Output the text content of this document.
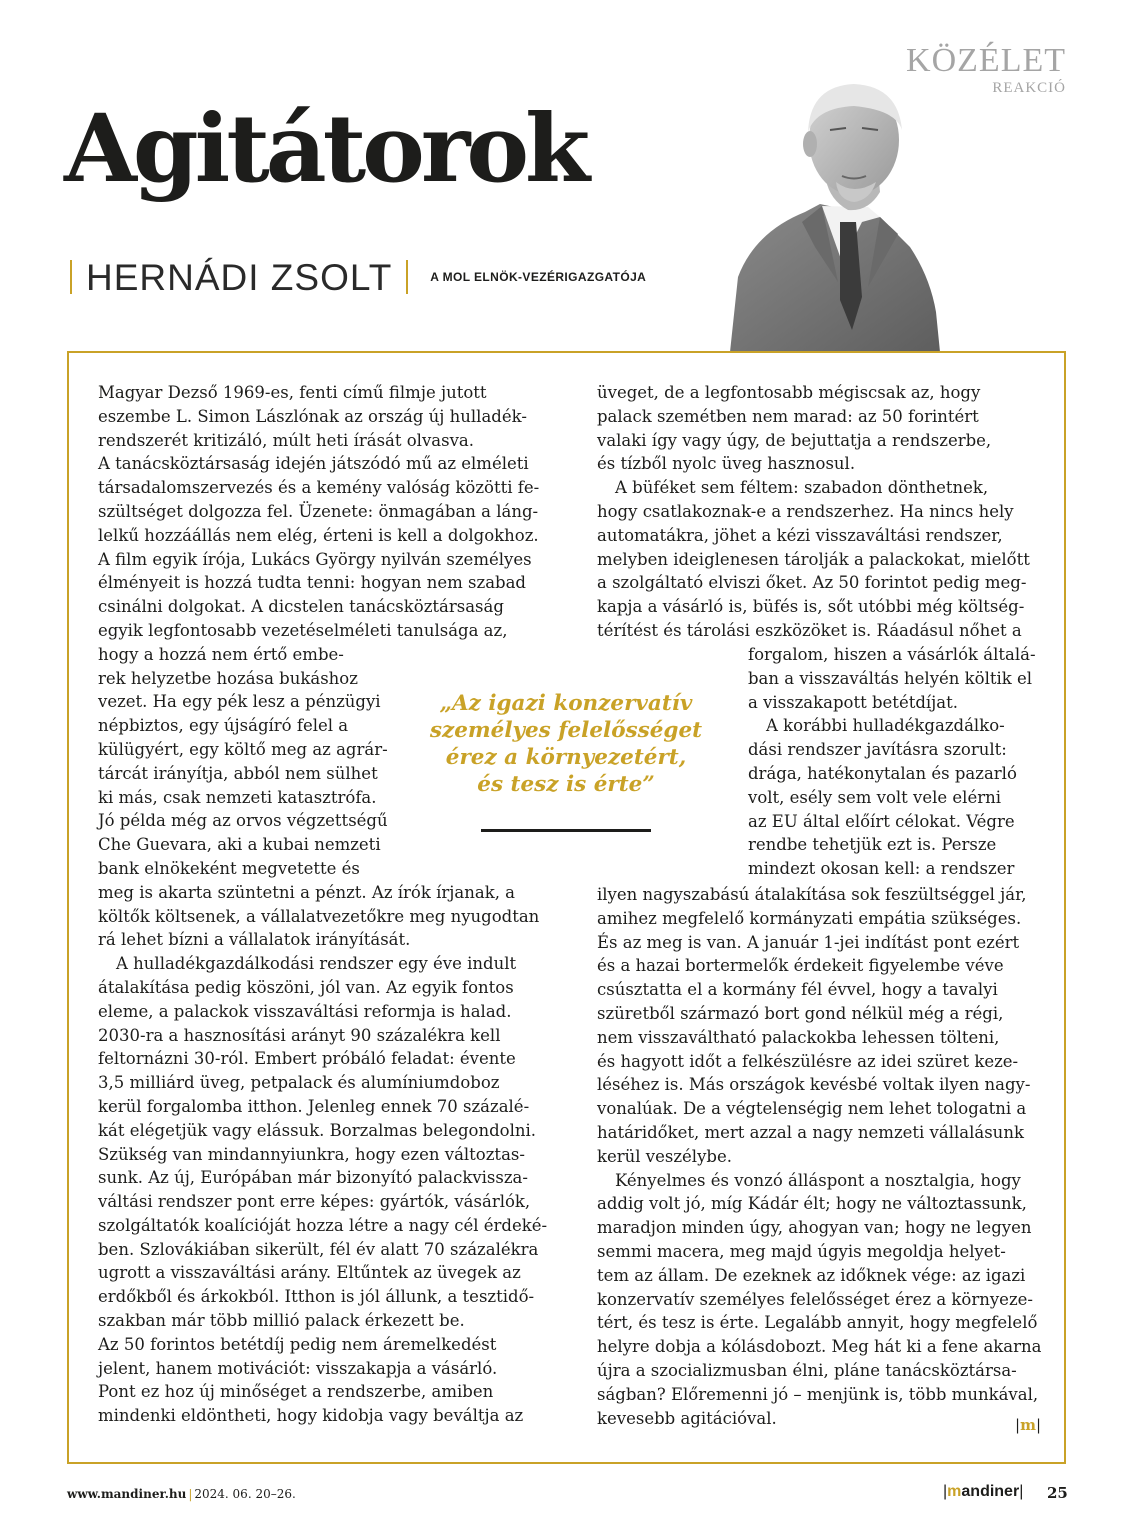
KÖZÉLET
REAKCIÓ
Agitátorok
HERNÁDI ZSOLT	A MOL ELNÖK-VEZÉRIGAZGATÓJA

Magyar Dezső 1969-es, fenti című filmje jutott

eszembe L. Simon Lászlónak az ország új hulladék-

rendszerét kritizáló, múlt heti írását olvasva.

A tanácsköztársaság idején játszódó mű az elméleti

társadalomszervezés és a kemény valóság közötti fe-

szültséget dolgozza fel. Üzenete: önmagában a láng-

lelkű hozzáállás nem elég, érteni is kell a dolgokhoz.

A film egyik írója, Lukács György nyilván személyes

élményeit is hozzá tudta tenni: hogyan nem szabad

csinálni dolgokat. A dicstelen tanácsköztársaság

egyik legfontosabb vezetéselméleti tanulsága az,

hogy a hozzá nem értő embe-

rek helyzetbe hozása bukáshoz

vezet. Ha egy pék lesz a pénzügyi

népbiztos, egy újságíró felel a

külügyért, egy költő meg az agrár-

tárcát irányítja, abból nem sülhet

ki más, csak nemzeti katasztrófa.

Jó példa még az orvos végzettségű

Che Guevara, aki a kubai nemzeti

bank elnökeként megvetette és

meg is akarta szüntetni a pénzt. Az írók írjanak, a

költők költsenek, a vállalatvezetőkre meg nyugodtan

rá lehet bízni a vállalatok irányítását.

A hulladékgazdálkodási rendszer egy éve indult

átalakítása pedig köszöni, jól van. Az egyik fontos

eleme, a palackok visszaváltási reformja is halad.

2030-ra a hasznosítási arányt 90 százalékra kell

feltornázni 30-ról. Embert próbáló feladat: évente

3,5 milliárd üveg, petpalack és alumíniumdoboz

kerül forgalomba itthon. Jelenleg ennek 70 százalé-

kát elégetjük vagy elássuk. Borzalmas belegondolni.

Szükség van mindannyiunkra, hogy ezen változtas-

sunk. Az új, Európában már bizonyító palackvissza-

váltási rendszer pont erre képes: gyártók, vásárlók,

szolgáltatók koalícióját hozza létre a nagy cél érdeké-

ben. Szlovákiában sikerült, fél év alatt 70 százalékra

ugrott a visszaváltási arány. Eltűntek az üvegek az

erdőkből és árkokból. Itthon is jól állunk, a tesztidő-

szakban már több millió palack érkezett be.

Az 50 forintos betétdíj pedig nem áremelkedést

jelent, hanem motivációt: visszakapja a vásárló.

Pont ez hoz új minőséget a rendszerbe, amiben

mindenki eldöntheti, hogy kidobja vagy beváltja az

üveget, de a legfontosabb mégiscsak az, hogy

palack szemétben nem marad: az 50 forintért

valaki így vagy úgy, de bejuttatja a rendszerbe,

és tízből nyolc üveg hasznosul.

A büféket sem féltem: szabadon dönthetnek,

hogy csatlakoznak-e a rendszerhez. Ha nincs hely

automatákra, jöhet a kézi visszaváltási rendszer,

melyben ideiglenesen tárolják a palackokat, mielőtt

a szolgáltató elviszi őket. Az 50 forintot pedig meg-

kapja a vásárló is, büfés is, sőt utóbbi még költség-

térítést és tárolási eszközöket is. Ráadásul nőhet a

forgalom, hiszen a vásárlók általá-

ban a visszaváltás helyén költik el

a visszakapott betétdíjat.

A korábbi hulladékgazdálko-

dási rendszer javításra szorult:

drága, hatékonytalan és pazarló

volt, esély sem volt vele elérni

az EU által előírt célokat. Végre

rendbe tehetjük ezt is. Persze

mindezt okosan kell: a rendszer

ilyen nagyszabású átalakítása sok feszültséggel jár,

amihez megfelelő kormányzati empátia szükséges.

És az meg is van. A január 1-jei indítást pont ezért

és a hazai bortermelők érdekeit figyelembe véve

csúsztatta el a kormány fél évvel, hogy a tavalyi

szüretből származó bort gond nélkül még a régi,

nem visszaváltható palackokba lehessen tölteni,

és hagyott időt a felkészülésre az idei szüret keze-

léséhez is. Más országok kevésbé voltak ilyen nagy-

vonalúak. De a végtelenségig nem lehet tologatni a

határidőket, mert azzal a nagy nemzeti vállalásunk

kerül veszélybe.

Kényelmes és vonzó álláspont a nosztalgia, hogy

addig volt jó, míg Kádár élt; hogy ne változtassunk,

maradjon minden úgy, ahogyan van; hogy ne legyen

semmi macera, meg majd úgyis megoldja helyet-

tem az állam. De ezeknek az időknek vége: az igazi

konzervatív személyes felelősséget érez a környeze-

tért, és tesz is érte. Legalább annyit, hogy megfelelő

helyre dobja a kólásdobozt. Meg hát ki a fene akarna

újra a szocializmusban élni, pláne tanácsköztársa-

ságban? Előremenni jó – menjünk is, több munkával,

kevesebb agitációval.

„Az igazi konzervatív
személyes felelősséget
érez a környezetért,
és tesz is érte”
|m|
www.mandiner.hu | 2024. 06. 20–26.	|mandiner| 25
